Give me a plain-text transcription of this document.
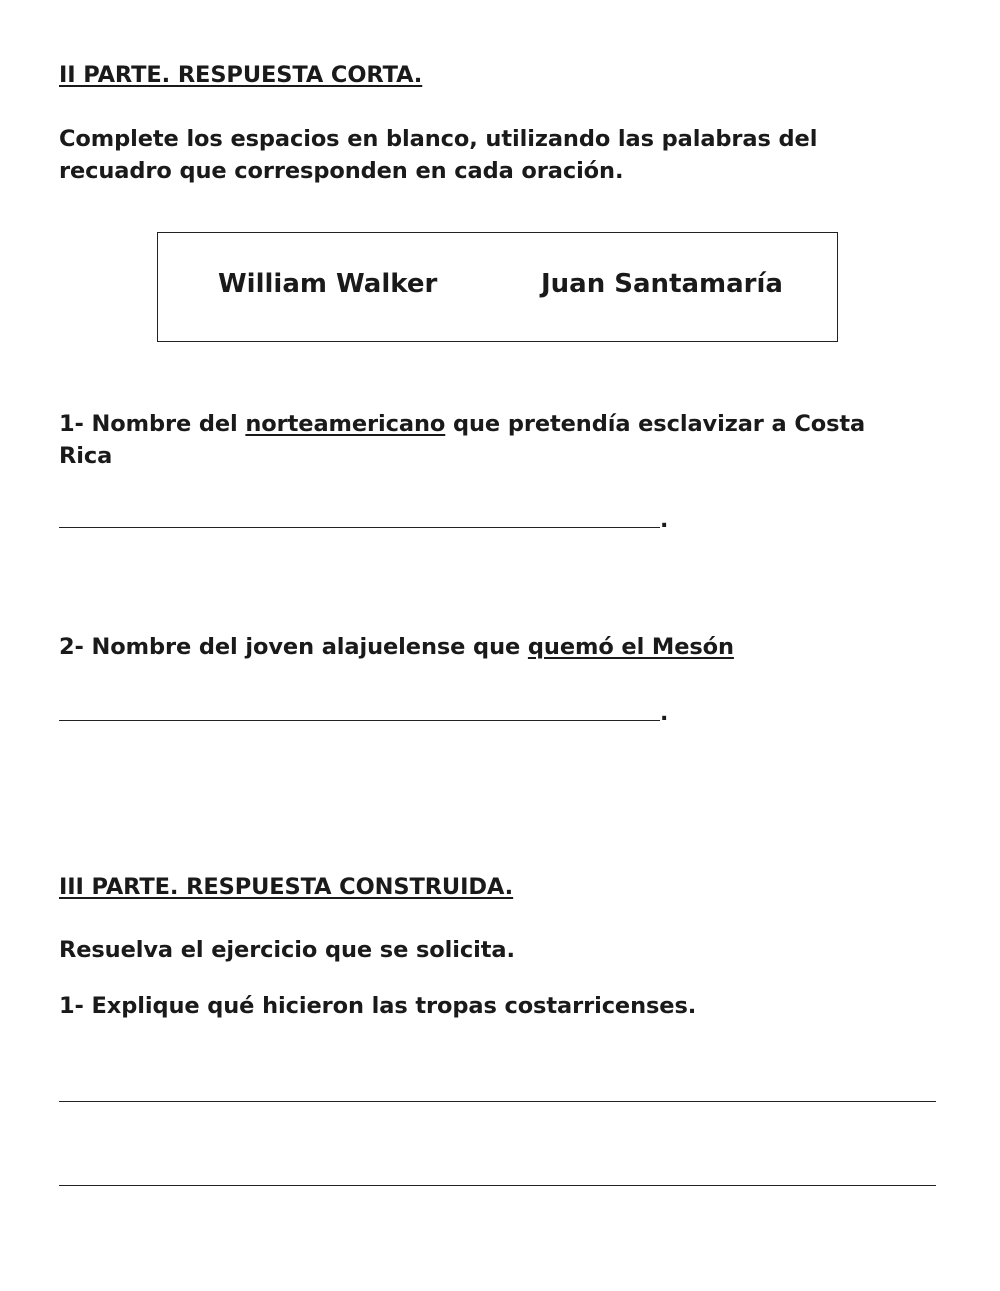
II PARTE. RESPUESTA CORTA.
Complete los espacios en blanco, utilizando las palabras del
recuadro que corresponden en cada oración.
William Walker	Juan Santamaría
1- Nombre del norteamericano que pretendía esclavizar a Costa
Rica
.
2- Nombre del joven alajuelense que quemó el Mesón
.
III PARTE. RESPUESTA CONSTRUIDA.
Resuelva el ejercicio que se solicita.
1- Explique qué hicieron las tropas costarricenses.
